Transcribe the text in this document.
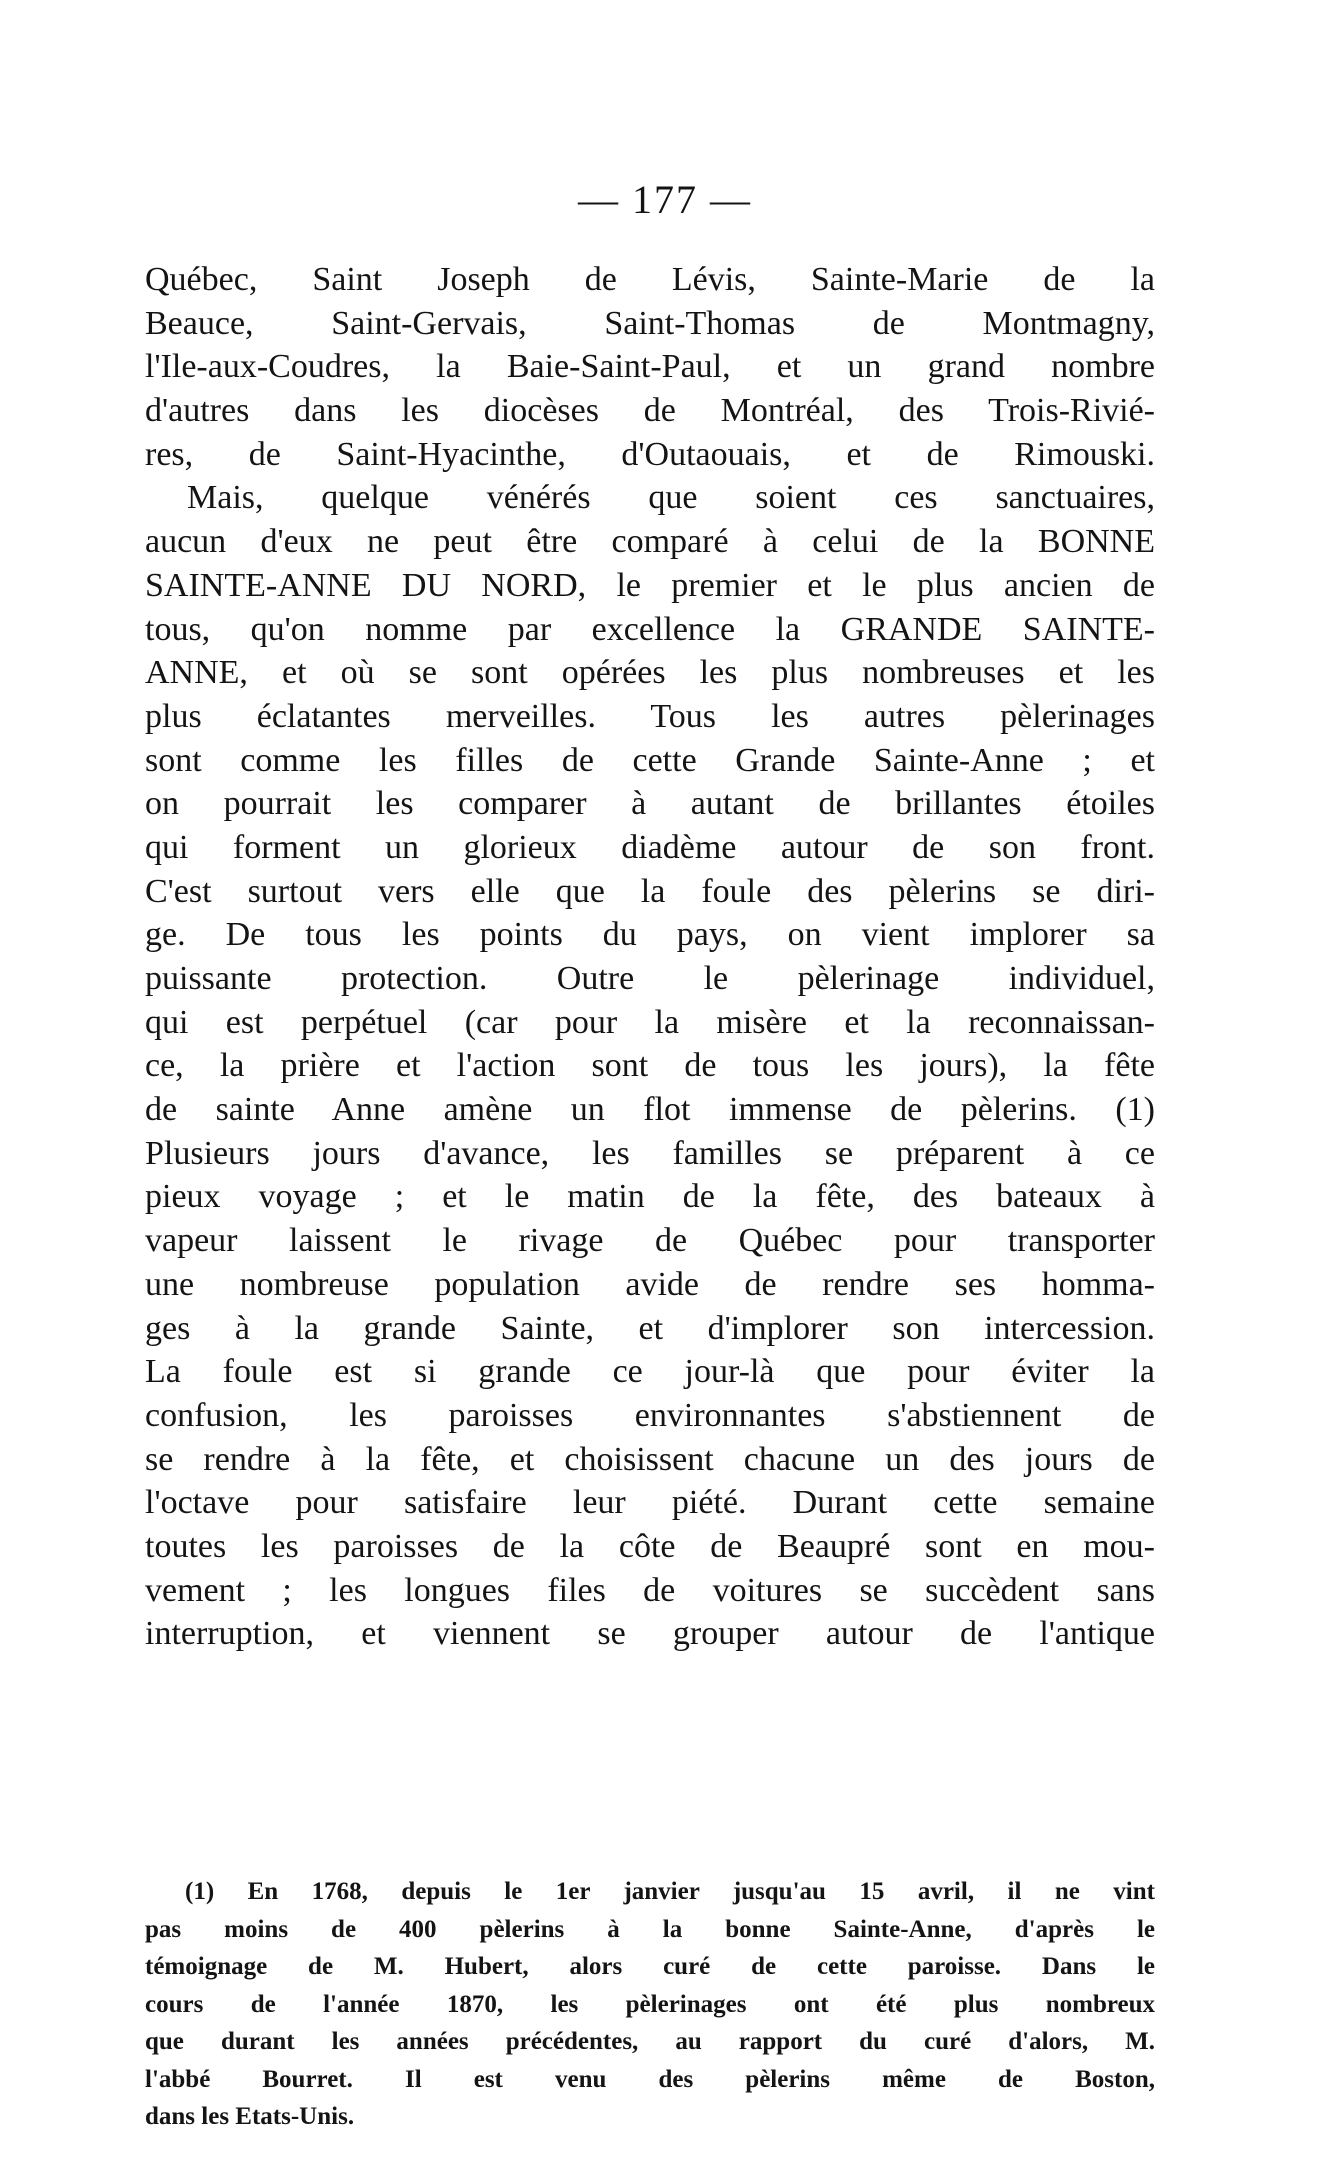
— 177 —
Québec, Saint Joseph de Lévis, Sainte-Marie de la
Beauce, Saint-Gervais, Saint-Thomas de Montmagny,
l'Ile-aux-Coudres, la Baie-Saint-Paul, et un grand nombre
d'autres dans les diocèses de Montréal, des Trois-Rivié-
res, de Saint-Hyacinthe, d'Outaouais, et de Rimouski.
Mais, quelque vénérés que soient ces sanctuaires,
aucun d'eux ne peut être comparé à celui de la BONNE
SAINTE-ANNE DU NORD, le premier et le plus ancien de
tous, qu'on nomme par excellence la GRANDE SAINTE-
ANNE, et où se sont opérées les plus nombreuses et les
plus éclatantes merveilles. Tous les autres pèlerinages
sont comme les filles de cette Grande Sainte-Anne ; et
on pourrait les comparer à autant de brillantes étoiles
qui forment un glorieux diadème autour de son front.
C'est surtout vers elle que la foule des pèlerins se diri-
ge. De tous les points du pays, on vient implorer sa
puissante protection. Outre le pèlerinage individuel,
qui est perpétuel (car pour la misère et la reconnaissan-
ce, la prière et l'action sont de tous les jours), la fête
de sainte Anne amène un flot immense de pèlerins. (1)
Plusieurs jours d'avance, les familles se préparent à ce
pieux voyage ; et le matin de la fête, des bateaux à
vapeur laissent le rivage de Québec pour transporter
une nombreuse population avide de rendre ses homma-
ges à la grande Sainte, et d'implorer son intercession.
La foule est si grande ce jour-là que pour éviter la
confusion, les paroisses environnantes s'abstiennent de
se rendre à la fête, et choisissent chacune un des jours de
l'octave pour satisfaire leur piété. Durant cette semaine
toutes les paroisses de la côte de Beaupré sont en mou-
vement ; les longues files de voitures se succèdent sans
interruption, et viennent se grouper autour de l'antique
(1) En 1768, depuis le 1er janvier jusqu'au 15 avril, il ne vint
pas moins de 400 pèlerins à la bonne Sainte-Anne, d'après le
témoignage de M. Hubert, alors curé de cette paroisse. Dans le
cours de l'année 1870, les pèlerinages ont été plus nombreux
que durant les années précédentes, au rapport du curé d'alors, M.
l'abbé Bourret. Il est venu des pèlerins même de Boston,
dans les Etats-Unis.
